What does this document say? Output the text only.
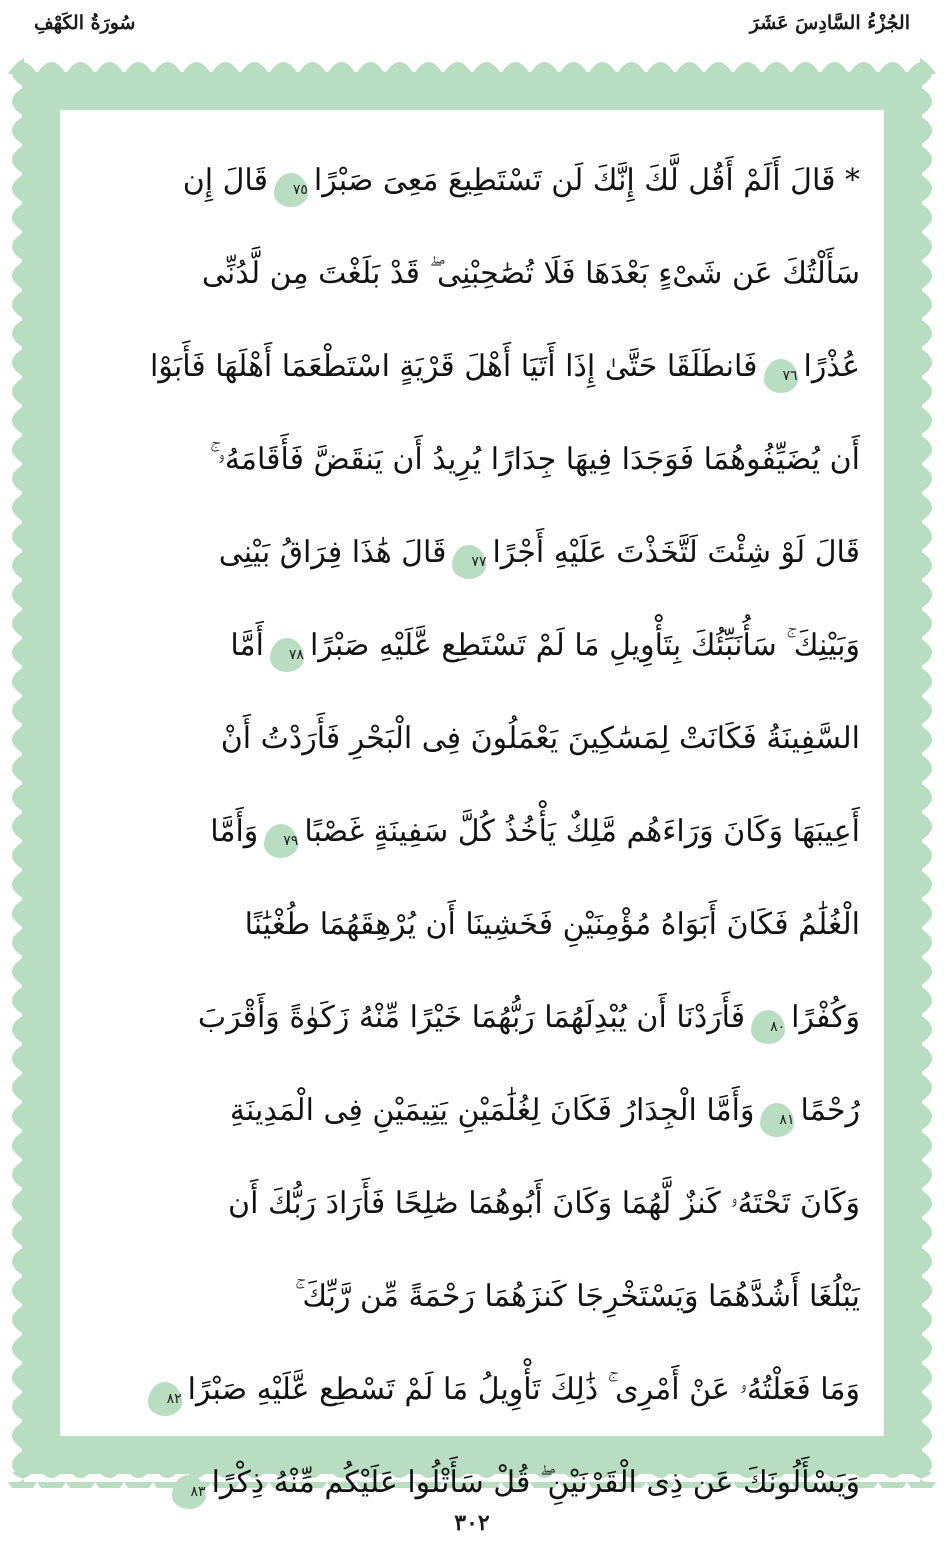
الجُزْءُ السَّادِسَ عَشَرَ
سُورَةُ الكَهْفِ
* قَالَ أَلَمْ أَقُل لَّكَ إِنَّكَ لَن تَسْتَطِيعَ مَعِىَ صَبْرًا٧٥قَالَ إِن
سَأَلْتُكَ عَن شَىْءٍ بَعْدَهَا فَلَا تُصَٰحِبْنِى ۖ قَدْ بَلَغْتَ مِن لَّدُنِّى
عُذْرًا٧٦فَانطَلَقَا حَتَّىٰ إِذَا أَتَيَا أَهْلَ قَرْيَةٍ اسْتَطْعَمَا أَهْلَهَا فَأَبَوْا
أَن يُضَيِّفُوهُمَا فَوَجَدَا فِيهَا جِدَارًا يُرِيدُ أَن يَنقَضَّ فَأَقَامَهُۥ ۚ
قَالَ لَوْ شِئْتَ لَتَّخَذْتَ عَلَيْهِ أَجْرًا٧٧قَالَ هَٰذَا فِرَاقُ بَيْنِى
وَبَيْنِكَ ۚ سَأُنَبِّئُكَ بِتَأْوِيلِ مَا لَمْ تَسْتَطِع عَّلَيْهِ صَبْرًا٧٨أَمَّا
السَّفِينَةُ فَكَانَتْ لِمَسَٰكِينَ يَعْمَلُونَ فِى الْبَحْرِ فَأَرَدْتُ أَنْ
أَعِيبَهَا وَكَانَ وَرَاءَهُم مَّلِكٌ يَأْخُذُ كُلَّ سَفِينَةٍ غَصْبًا٧٩وَأَمَّا
الْغُلَٰمُ فَكَانَ أَبَوَاهُ مُؤْمِنَيْنِ فَخَشِينَا أَن يُرْهِقَهُمَا طُغْيَٰنًا
وَكُفْرًا٨٠فَأَرَدْنَا أَن يُبْدِلَهُمَا رَبُّهُمَا خَيْرًا مِّنْهُ زَكَوٰةً وَأَقْرَبَ
رُحْمًا٨١وَأَمَّا الْجِدَارُ فَكَانَ لِغُلَٰمَيْنِ يَتِيمَيْنِ فِى الْمَدِينَةِ
وَكَانَ تَحْتَهُۥ كَنزٌ لَّهُمَا وَكَانَ أَبُوهُمَا صَٰلِحًا فَأَرَادَ رَبُّكَ أَن
يَبْلُغَا أَشُدَّهُمَا وَيَسْتَخْرِجَا كَنزَهُمَا رَحْمَةً مِّن رَّبِّكَ ۚ
وَمَا فَعَلْتُهُۥ عَنْ أَمْرِى ۚ ذَٰلِكَ تَأْوِيلُ مَا لَمْ تَسْطِع عَّلَيْهِ صَبْرًا٨٢
وَيَسْأَلُونَكَ عَن ذِى الْقَرْنَيْنِ ۖ قُلْ سَأَتْلُوا عَلَيْكُم مِّنْهُ ذِكْرًا٨٣
٣٠٢
